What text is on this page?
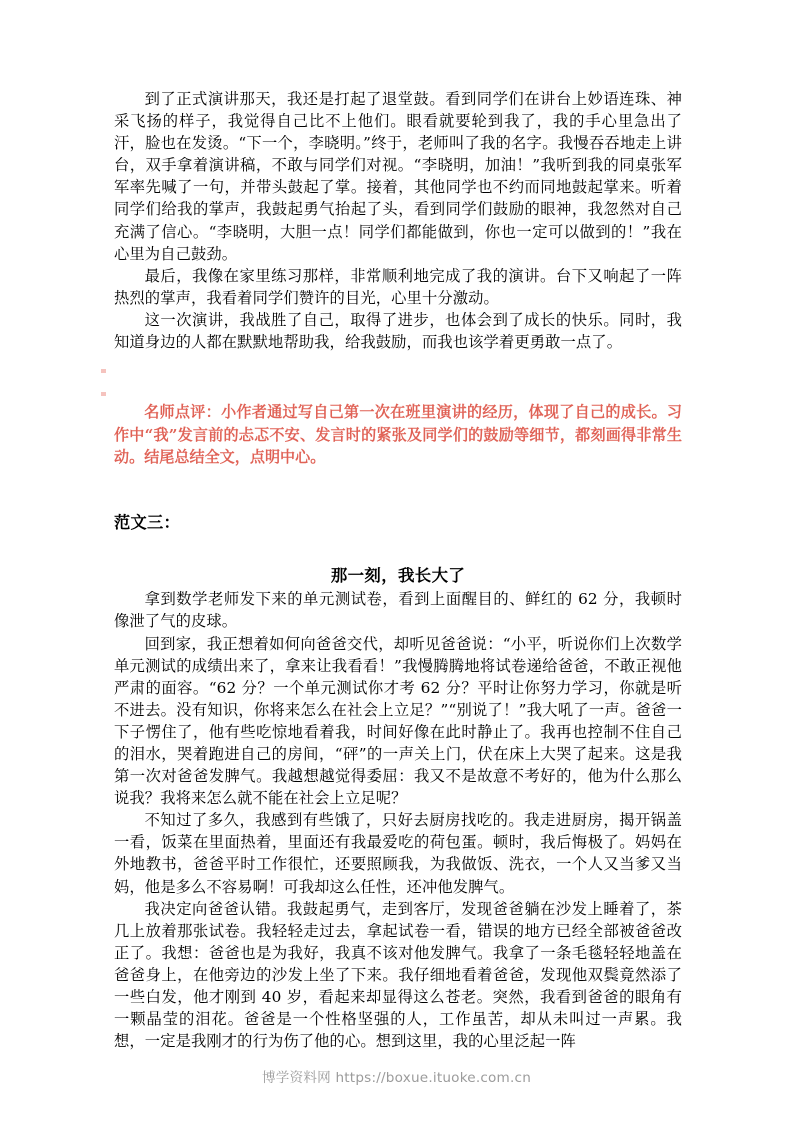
到了正式演讲那天，我还是打起了退堂鼓。看到同学们在讲台上妙语连珠、神采飞扬的样子，我觉得自己比不上他们。眼看就要轮到我了，我的手心里急出了汗，脸也在发烫。“下一个，李晓明。”终于，老师叫了我的名字。我慢吞吞地走上讲台，双手拿着演讲稿，不敢与同学们对视。“李晓明，加油！”我听到我的同桌张军军率先喊了一句，并带头鼓起了掌。接着，其他同学也不约而同地鼓起掌来。听着同学们给我的掌声，我鼓起勇气抬起了头，看到同学们鼓励的眼神，我忽然对自己充满了信心。“李晓明，大胆一点！同学们都能做到，你也一定可以做到的！”我在心里为自己鼓劲。

最后，我像在家里练习那样，非常顺利地完成了我的演讲。台下又响起了一阵热烈的掌声，我看着同学们赞许的目光，心里十分激动。

这一次演讲，我战胜了自己，取得了进步，也体会到了成长的快乐。同时，我知道身边的人都在默默地帮助我，给我鼓励，而我也该学着更勇敢一点了。

名师点评：小作者通过写自己第一次在班里演讲的经历，体现了自己的成长。习作中“我”发言前的忐忑不安、发言时的紧张及同学们的鼓励等细节，都刻画得非常生动。结尾总结全文，点明中心。

范文三：

那一刻，我长大了

拿到数学老师发下来的单元测试卷，看到上面醒目的、鲜红的 62 分，我顿时像泄了气的皮球。

回到家，我正想着如何向爸爸交代，却听见爸爸说：“小平，听说你们上次数学单元测试的成绩出来了，拿来让我看看！”我慢腾腾地将试卷递给爸爸，不敢正视他严肃的面容。“62 分？一个单元测试你才考 62 分？平时让你努力学习，你就是听不进去。没有知识，你将来怎么在社会上立足？”“别说了！”我大吼了一声。爸爸一下子愣住了，他有些吃惊地看着我，时间好像在此时静止了。我再也控制不住自己的泪水，哭着跑进自己的房间，“砰”的一声关上门，伏在床上大哭了起来。这是我第一次对爸爸发脾气。我越想越觉得委屈：我又不是故意不考好的，他为什么那么说我？我将来怎么就不能在社会上立足呢？

不知过了多久，我感到有些饿了，只好去厨房找吃的。我走进厨房，揭开锅盖一看，饭菜在里面热着，里面还有我最爱吃的荷包蛋。顿时，我后悔极了。妈妈在外地教书，爸爸平时工作很忙，还要照顾我，为我做饭、洗衣，一个人又当爹又当妈，他是多么不容易啊！可我却这么任性，还冲他发脾气。

我决定向爸爸认错。我鼓起勇气，走到客厅，发现爸爸躺在沙发上睡着了，茶几上放着那张试卷。我轻轻走过去，拿起试卷一看，错误的地方已经全部被爸爸改正了。我想：爸爸也是为我好，我真不该对他发脾气。我拿了一条毛毯轻轻地盖在爸爸身上，在他旁边的沙发上坐了下来。我仔细地看着爸爸，发现他双鬓竟然添了一些白发，他才刚到 40 岁，看起来却显得这么苍老。突然，我看到爸爸的眼角有一颗晶莹的泪花。爸爸是一个性格坚强的人，工作虽苦，却从未叫过一声累。我想，一定是我刚才的行为伤了他的心。想到这里，我的心里泛起一阵

博学资料网 https://boxue.ituoke.com.cn
